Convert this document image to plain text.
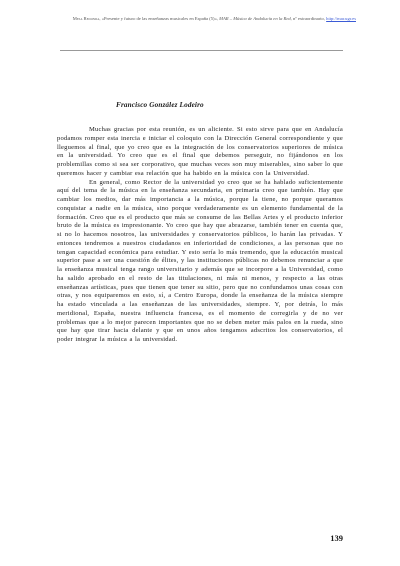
Mesa Redonda, «Presente y futuro de las enseñanzas musicales en España (5)», MAR – Música de Andalucía en la Red, nº extraordinario, http://mar.ugr.es
Francisco González Lodeiro

Muchas gracias por esta reunión, es un aliciente. Si esto sirve para que en Andalucía podamos romper esta inercia e iniciar el coloquio con la Dirección General correspondiente y que lleguemos al final, que yo creo que es la integración de los conservatorios superiores de música en la universidad. Yo creo que es el final que debemos perseguir, no fijándonos en los problemillas como si sea ser corporativo, que muchas veces son muy miserables, sino saber lo que queremos hacer y cambiar esa relación que ha habido en la música con la Universidad.

En general, como Rector de la universidad yo creo que se ha hablado suficientemente aquí del tema de la música en la enseñanza secundaria, en primaria creo que también. Hay que cambiar los medios, dar más importancia a la música, porque la tiene, no porque queramos conquistar a nadie en la música, sino porque verdaderamente es un elemento fundamental de la formación. Creo que es el producto que más se consume de las Bellas Artes y el producto inferior bruto de la música es impresionante. Yo creo que hay que abrazarse, también tener en cuenta que, si no lo hacemos nosotros, las universidades y conservatorios públicos, lo harán las privadas. Y entonces tendremos a nuestros ciudadanos en inferioridad de condiciones, a las personas que no tengan capacidad económica para estudiar. Y esto sería lo más tremendo, que la educación musical superior pase a ser una cuestión de élites, y las instituciones públicas no debemos renunciar a que la enseñanza musical tenga rango universitario y además que se incorpore a la Universidad, como ha salido aprobado en el resto de las titulaciones, ni más ni menos, y respecto a las otras enseñanzas artísticas, pues que tienen que tener su sitio, pero que no confundamos unas cosas con otras, y nos equiparemos en esto, sí, a Centro Europa, donde la enseñanza de la música siempre ha estado vinculada a las enseñanzas de las universidades, siempre. Y, por detrás, lo más meridional, España, nuestra influencia francesa, es el momento de corregirla y de no ver problemas que a lo mejor parecen importantes que no se deben meter más palos en la rueda, sino que hay que tirar hacia delante y que en unos años tengamos adscritos los conservatorios, el poder integrar la música a la universidad.

139
